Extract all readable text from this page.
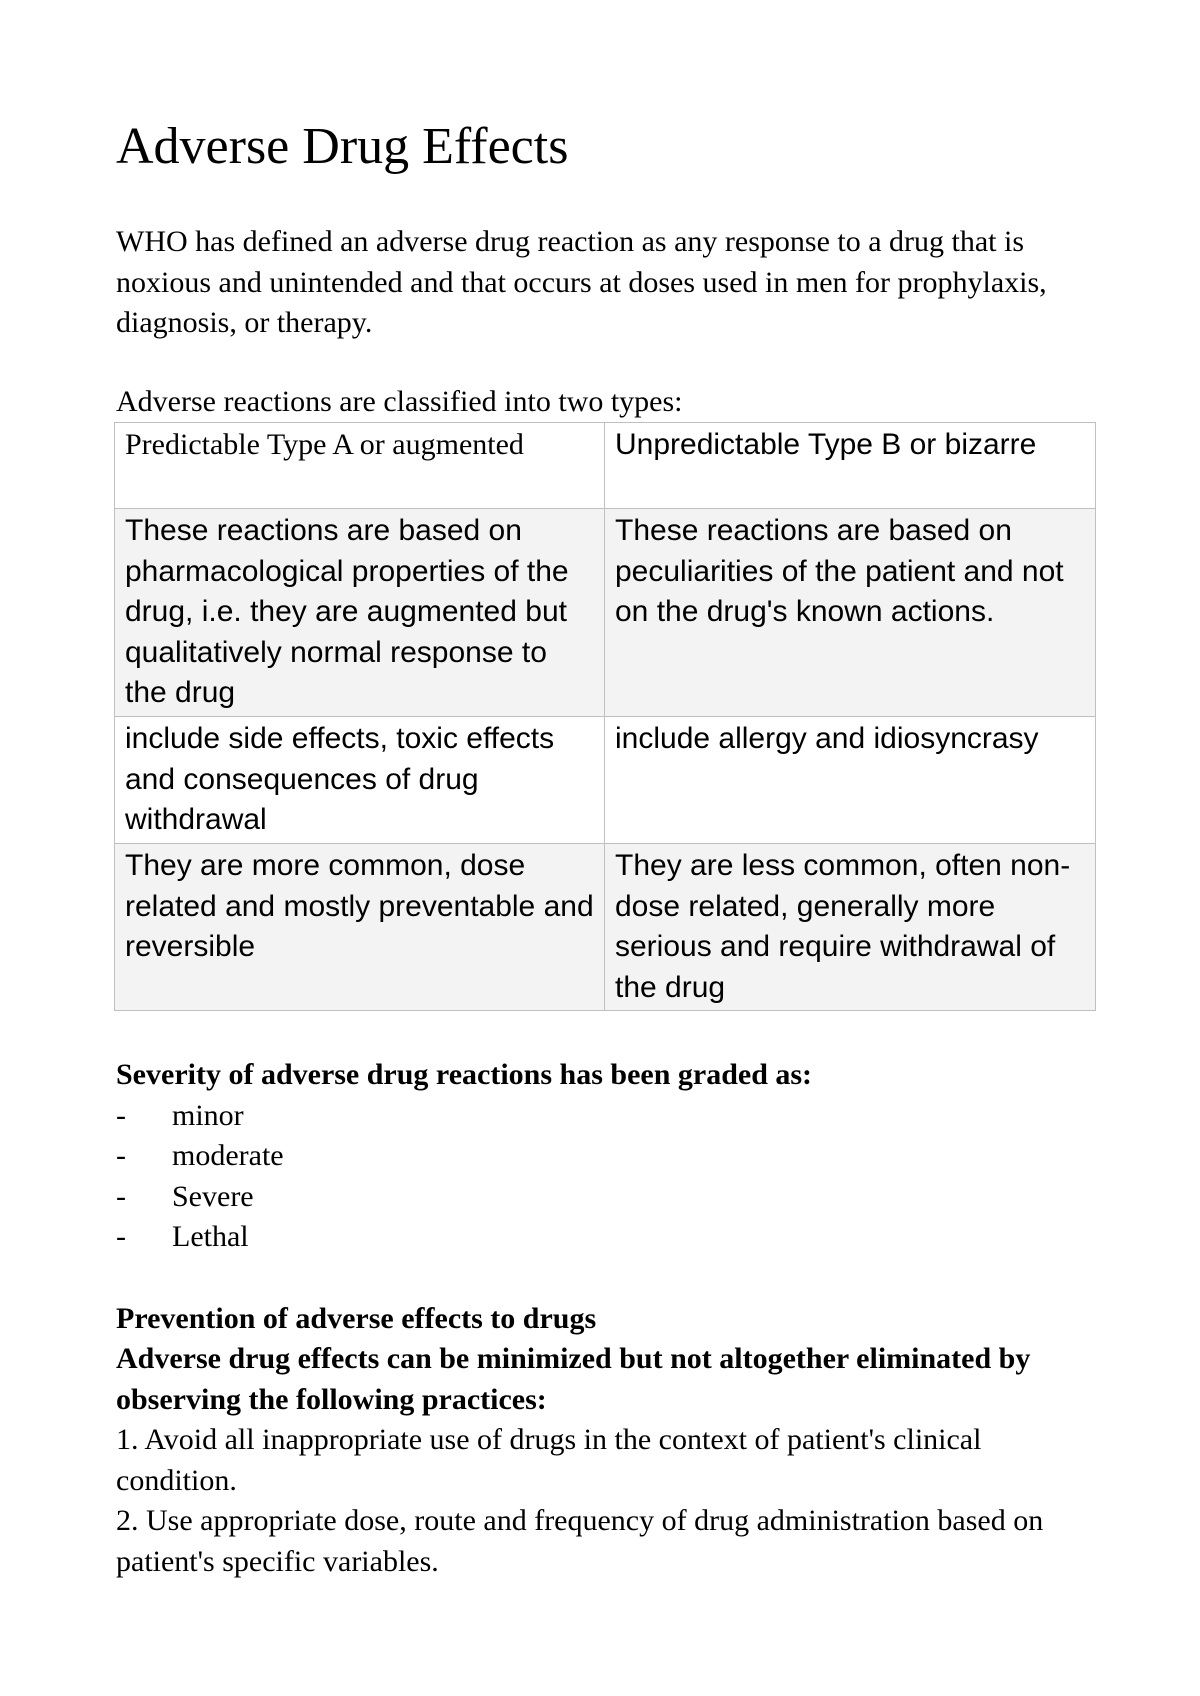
Adverse Drug Effects

WHO has defined an adverse drug reaction as any response to a drug that is noxious and unintended and that occurs at doses used in men for prophylaxis, diagnosis, or therapy.

Adverse reactions are classified into two types:

Predictable Type A or augmented	Unpredictable Type B or bizarre
These reactions are based on pharmacological properties of the drug, i.e. they are augmented but qualitatively normal response to the drug	These reactions are based on peculiarities of the patient and not on the drug's known actions.
include side effects, toxic effects and consequences of drug withdrawal	include allergy and idiosyncrasy
They are more common, dose related and mostly preventable and reversible	They are less common, often non-dose related, generally more serious and require withdrawal of the drug

Severity of adverse drug reactions has been graded as:

- minor
- moderate
- Severe
- Lethal

Prevention of adverse effects to drugs

Adverse drug effects can be minimized but not altogether eliminated by observing the following practices:

1. Avoid all inappropriate use of drugs in the context of patient's clinical condition.

2. Use appropriate dose, route and frequency of drug administration based on patient's specific variables.
